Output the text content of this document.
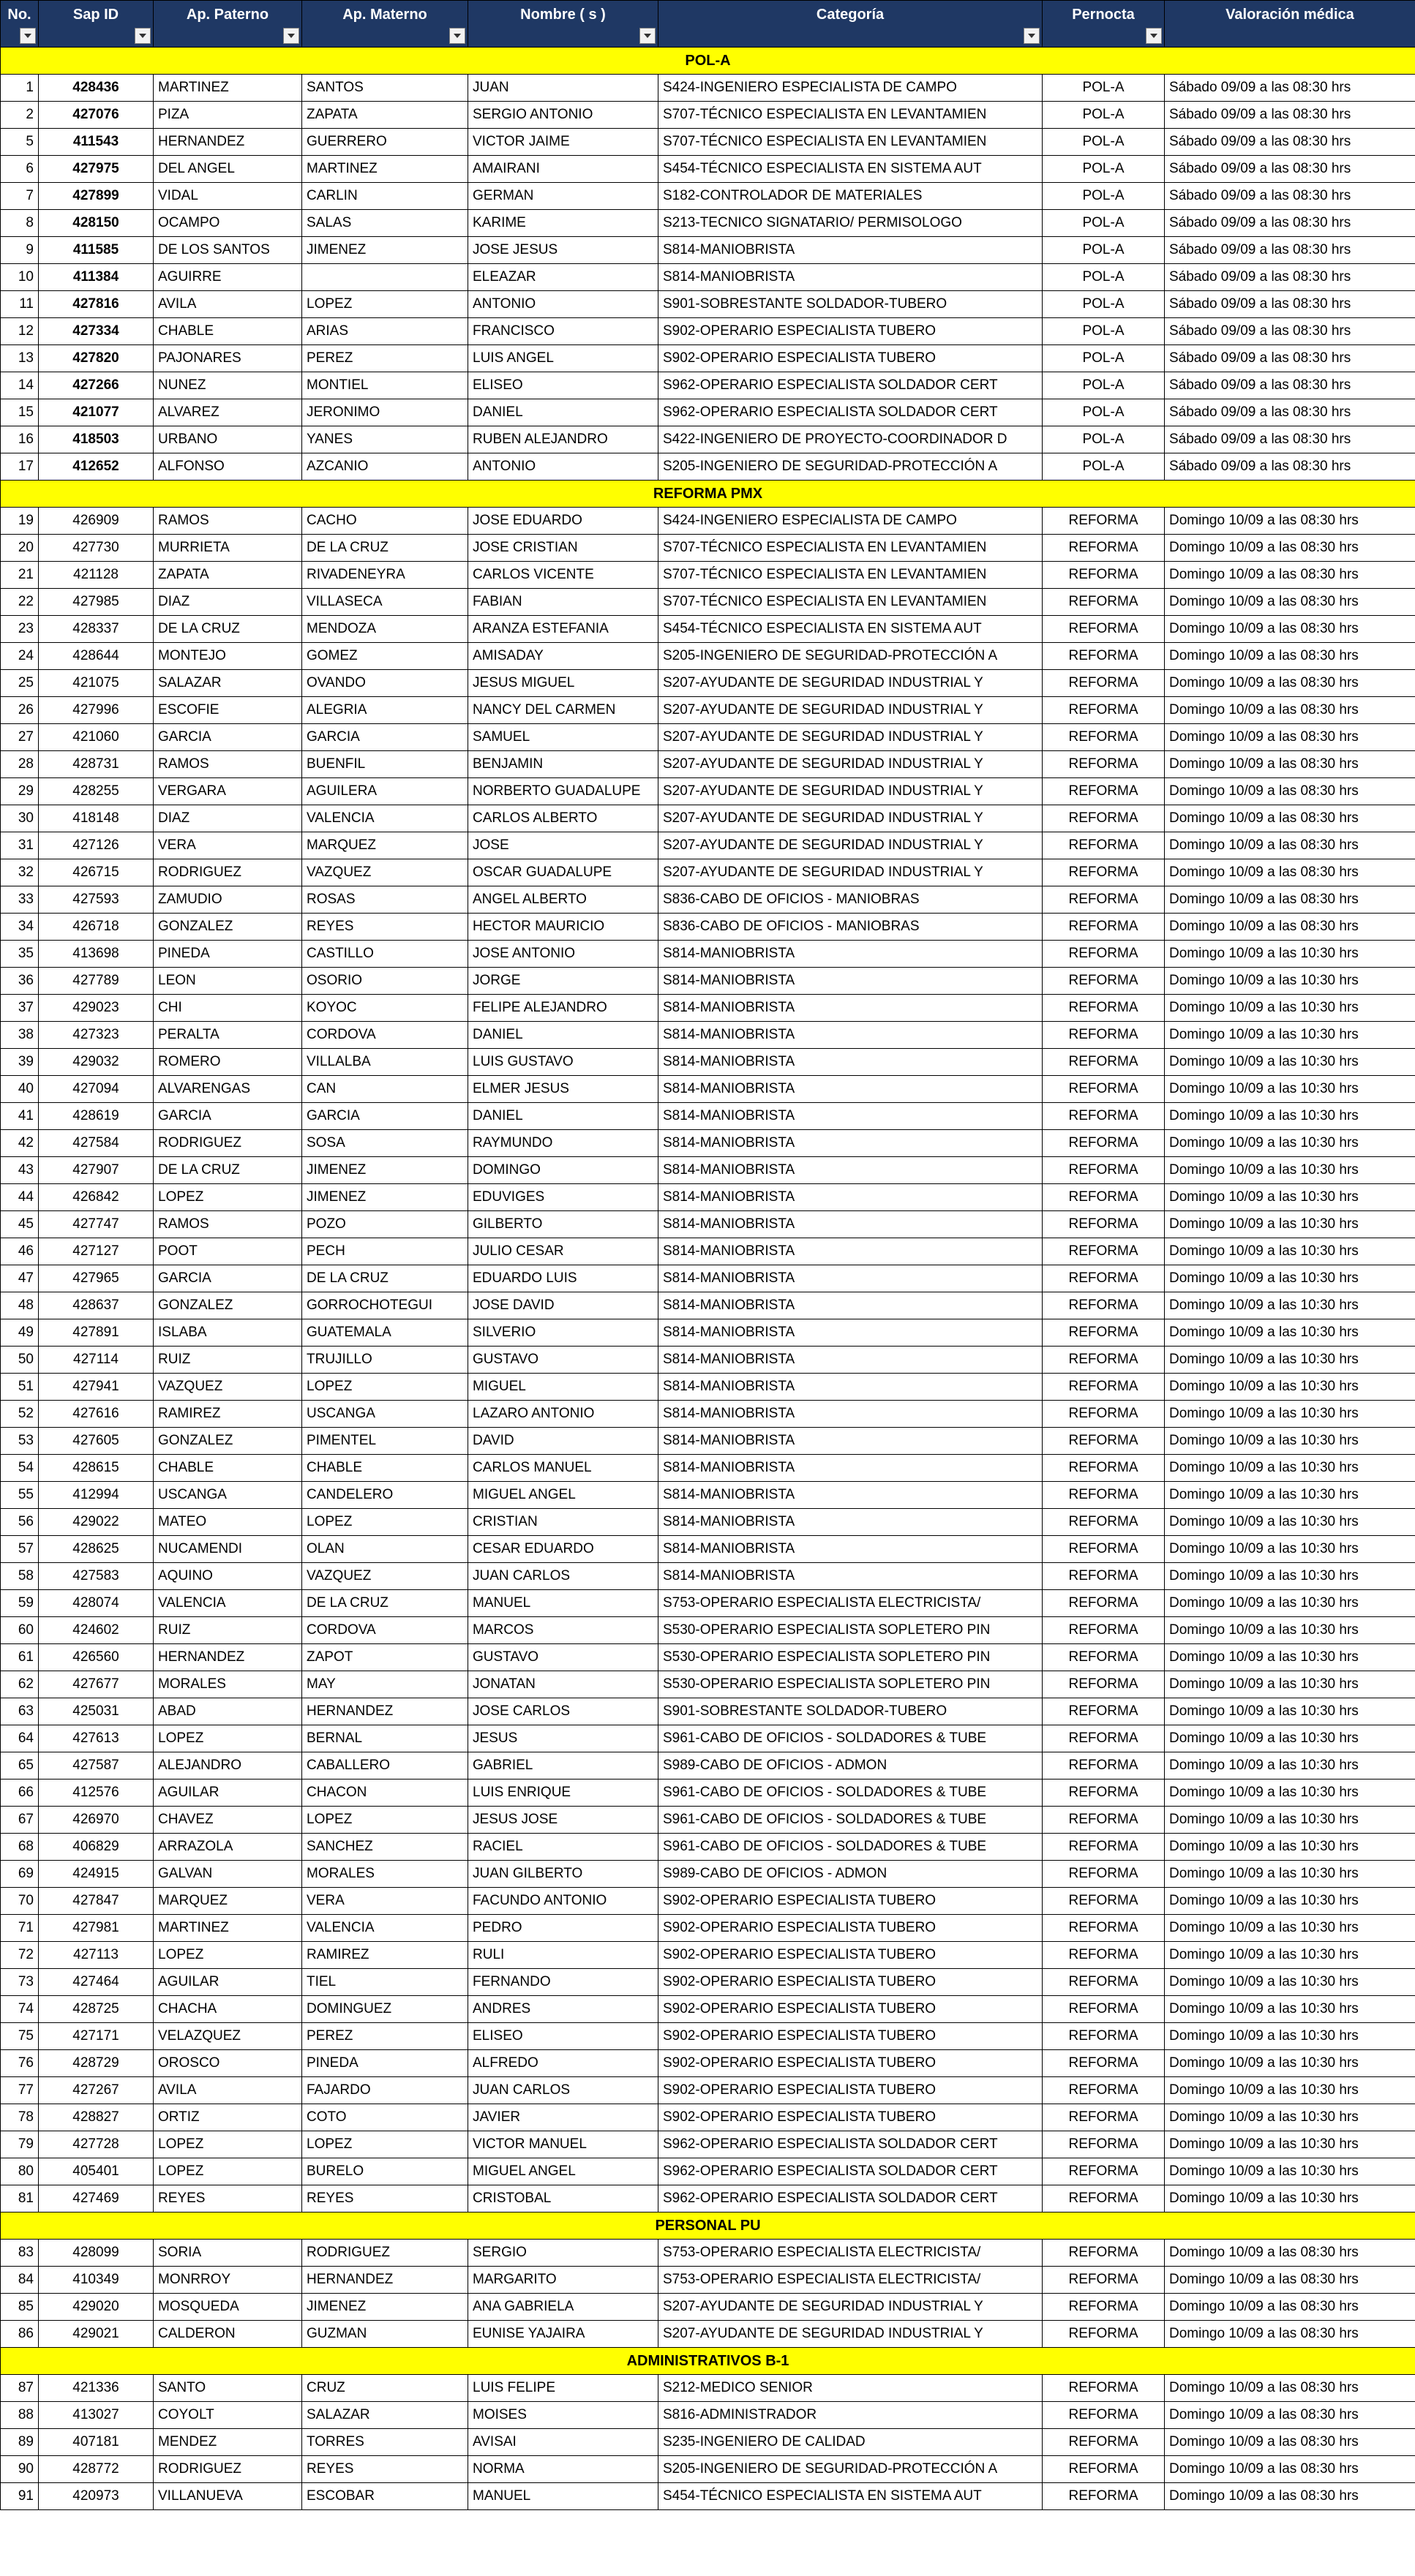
No.	Sap ID	Ap. Paterno	Ap. Materno	Nombre ( s )	Categoría	Pernocta	Valoración médica
POL-A							
1	428436	MARTINEZ	SANTOS	JUAN	S424-INGENIERO ESPECIALISTA DE CAMPO	POL-A	Sábado 09/09 a las 08:30 hrs
2	427076	PIZA	ZAPATA	SERGIO ANTONIO	S707-TÉCNICO ESPECIALISTA EN LEVANTAMIEN	POL-A	Sábado 09/09 a las 08:30 hrs
5	411543	HERNANDEZ	GUERRERO	VICTOR JAIME	S707-TÉCNICO ESPECIALISTA EN LEVANTAMIEN	POL-A	Sábado 09/09 a las 08:30 hrs
6	427975	DEL ANGEL	MARTINEZ	AMAIRANI	S454-TÉCNICO ESPECIALISTA EN SISTEMA AUT	POL-A	Sábado 09/09 a las 08:30 hrs
7	427899	VIDAL	CARLIN	GERMAN	S182-CONTROLADOR DE MATERIALES	POL-A	Sábado 09/09 a las 08:30 hrs
8	428150	OCAMPO	SALAS	KARIME	S213-TECNICO SIGNATARIO/ PERMISOLOGO	POL-A	Sábado 09/09 a las 08:30 hrs
9	411585	DE LOS SANTOS	JIMENEZ	JOSE JESUS	S814-MANIOBRISTA	POL-A	Sábado 09/09 a las 08:30 hrs
10	411384	AGUIRRE		ELEAZAR	S814-MANIOBRISTA	POL-A	Sábado 09/09 a las 08:30 hrs
11	427816	AVILA	LOPEZ	ANTONIO	S901-SOBRESTANTE SOLDADOR-TUBERO	POL-A	Sábado 09/09 a las 08:30 hrs
12	427334	CHABLE	ARIAS	FRANCISCO	S902-OPERARIO ESPECIALISTA TUBERO	POL-A	Sábado 09/09 a las 08:30 hrs
13	427820	PAJONARES	PEREZ	LUIS ANGEL	S902-OPERARIO ESPECIALISTA TUBERO	POL-A	Sábado 09/09 a las 08:30 hrs
14	427266	NUNEZ	MONTIEL	ELISEO	S962-OPERARIO ESPECIALISTA SOLDADOR CERT	POL-A	Sábado 09/09 a las 08:30 hrs
15	421077	ALVAREZ	JERONIMO	DANIEL	S962-OPERARIO ESPECIALISTA SOLDADOR CERT	POL-A	Sábado 09/09 a las 08:30 hrs
16	418503	URBANO	YANES	RUBEN ALEJANDRO	S422-INGENIERO DE PROYECTO-COORDINADOR D	POL-A	Sábado 09/09 a las 08:30 hrs
17	412652	ALFONSO	AZCANIO	ANTONIO	S205-INGENIERO DE SEGURIDAD-PROTECCIÓN A	POL-A	Sábado 09/09 a las 08:30 hrs
REFORMA PMX							
19	426909	RAMOS	CACHO	JOSE EDUARDO	S424-INGENIERO ESPECIALISTA DE CAMPO	REFORMA	Domingo 10/09 a las 08:30 hrs
20	427730	MURRIETA	DE LA CRUZ	JOSE CRISTIAN	S707-TÉCNICO ESPECIALISTA EN LEVANTAMIEN	REFORMA	Domingo 10/09 a las 08:30 hrs
21	421128	ZAPATA	RIVADENEYRA	CARLOS VICENTE	S707-TÉCNICO ESPECIALISTA EN LEVANTAMIEN	REFORMA	Domingo 10/09 a las 08:30 hrs
22	427985	DIAZ	VILLASECA	FABIAN	S707-TÉCNICO ESPECIALISTA EN LEVANTAMIEN	REFORMA	Domingo 10/09 a las 08:30 hrs
23	428337	DE LA CRUZ	MENDOZA	ARANZA ESTEFANIA	S454-TÉCNICO ESPECIALISTA EN SISTEMA AUT	REFORMA	Domingo 10/09 a las 08:30 hrs
24	428644	MONTEJO	GOMEZ	AMISADAY	S205-INGENIERO DE SEGURIDAD-PROTECCIÓN A	REFORMA	Domingo 10/09 a las 08:30 hrs
25	421075	SALAZAR	OVANDO	JESUS MIGUEL	S207-AYUDANTE DE SEGURIDAD INDUSTRIAL Y	REFORMA	Domingo 10/09 a las 08:30 hrs
26	427996	ESCOFIE	ALEGRIA	NANCY DEL CARMEN	S207-AYUDANTE DE SEGURIDAD INDUSTRIAL Y	REFORMA	Domingo 10/09 a las 08:30 hrs
27	421060	GARCIA	GARCIA	SAMUEL	S207-AYUDANTE DE SEGURIDAD INDUSTRIAL Y	REFORMA	Domingo 10/09 a las 08:30 hrs
28	428731	RAMOS	BUENFIL	BENJAMIN	S207-AYUDANTE DE SEGURIDAD INDUSTRIAL Y	REFORMA	Domingo 10/09 a las 08:30 hrs
29	428255	VERGARA	AGUILERA	NORBERTO GUADALUPE	S207-AYUDANTE DE SEGURIDAD INDUSTRIAL Y	REFORMA	Domingo 10/09 a las 08:30 hrs
30	418148	DIAZ	VALENCIA	CARLOS ALBERTO	S207-AYUDANTE DE SEGURIDAD INDUSTRIAL Y	REFORMA	Domingo 10/09 a las 08:30 hrs
31	427126	VERA	MARQUEZ	JOSE	S207-AYUDANTE DE SEGURIDAD INDUSTRIAL Y	REFORMA	Domingo 10/09 a las 08:30 hrs
32	426715	RODRIGUEZ	VAZQUEZ	OSCAR GUADALUPE	S207-AYUDANTE DE SEGURIDAD INDUSTRIAL Y	REFORMA	Domingo 10/09 a las 08:30 hrs
33	427593	ZAMUDIO	ROSAS	ANGEL ALBERTO	S836-CABO DE OFICIOS - MANIOBRAS	REFORMA	Domingo 10/09 a las 08:30 hrs
34	426718	GONZALEZ	REYES	HECTOR MAURICIO	S836-CABO DE OFICIOS - MANIOBRAS	REFORMA	Domingo 10/09 a las 08:30 hrs
35	413698	PINEDA	CASTILLO	JOSE ANTONIO	S814-MANIOBRISTA	REFORMA	Domingo 10/09 a las 10:30 hrs
36	427789	LEON	OSORIO	JORGE	S814-MANIOBRISTA	REFORMA	Domingo 10/09 a las 10:30 hrs
37	429023	CHI	KOYOC	FELIPE ALEJANDRO	S814-MANIOBRISTA	REFORMA	Domingo 10/09 a las 10:30 hrs
38	427323	PERALTA	CORDOVA	DANIEL	S814-MANIOBRISTA	REFORMA	Domingo 10/09 a las 10:30 hrs
39	429032	ROMERO	VILLALBA	LUIS GUSTAVO	S814-MANIOBRISTA	REFORMA	Domingo 10/09 a las 10:30 hrs
40	427094	ALVARENGAS	CAN	ELMER JESUS	S814-MANIOBRISTA	REFORMA	Domingo 10/09 a las 10:30 hrs
41	428619	GARCIA	GARCIA	DANIEL	S814-MANIOBRISTA	REFORMA	Domingo 10/09 a las 10:30 hrs
42	427584	RODRIGUEZ	SOSA	RAYMUNDO	S814-MANIOBRISTA	REFORMA	Domingo 10/09 a las 10:30 hrs
43	427907	DE LA CRUZ	JIMENEZ	DOMINGO	S814-MANIOBRISTA	REFORMA	Domingo 10/09 a las 10:30 hrs
44	426842	LOPEZ	JIMENEZ	EDUVIGES	S814-MANIOBRISTA	REFORMA	Domingo 10/09 a las 10:30 hrs
45	427747	RAMOS	POZO	GILBERTO	S814-MANIOBRISTA	REFORMA	Domingo 10/09 a las 10:30 hrs
46	427127	POOT	PECH	JULIO CESAR	S814-MANIOBRISTA	REFORMA	Domingo 10/09 a las 10:30 hrs
47	427965	GARCIA	DE LA CRUZ	EDUARDO LUIS	S814-MANIOBRISTA	REFORMA	Domingo 10/09 a las 10:30 hrs
48	428637	GONZALEZ	GORROCHOTEGUI	JOSE DAVID	S814-MANIOBRISTA	REFORMA	Domingo 10/09 a las 10:30 hrs
49	427891	ISLABA	GUATEMALA	SILVERIO	S814-MANIOBRISTA	REFORMA	Domingo 10/09 a las 10:30 hrs
50	427114	RUIZ	TRUJILLO	GUSTAVO	S814-MANIOBRISTA	REFORMA	Domingo 10/09 a las 10:30 hrs
51	427941	VAZQUEZ	LOPEZ	MIGUEL	S814-MANIOBRISTA	REFORMA	Domingo 10/09 a las 10:30 hrs
52	427616	RAMIREZ	USCANGA	LAZARO ANTONIO	S814-MANIOBRISTA	REFORMA	Domingo 10/09 a las 10:30 hrs
53	427605	GONZALEZ	PIMENTEL	DAVID	S814-MANIOBRISTA	REFORMA	Domingo 10/09 a las 10:30 hrs
54	428615	CHABLE	CHABLE	CARLOS MANUEL	S814-MANIOBRISTA	REFORMA	Domingo 10/09 a las 10:30 hrs
55	412994	USCANGA	CANDELERO	MIGUEL ANGEL	S814-MANIOBRISTA	REFORMA	Domingo 10/09 a las 10:30 hrs
56	429022	MATEO	LOPEZ	CRISTIAN	S814-MANIOBRISTA	REFORMA	Domingo 10/09 a las 10:30 hrs
57	428625	NUCAMENDI	OLAN	CESAR EDUARDO	S814-MANIOBRISTA	REFORMA	Domingo 10/09 a las 10:30 hrs
58	427583	AQUINO	VAZQUEZ	JUAN CARLOS	S814-MANIOBRISTA	REFORMA	Domingo 10/09 a las 10:30 hrs
59	428074	VALENCIA	DE LA CRUZ	MANUEL	S753-OPERARIO ESPECIALISTA ELECTRICISTA/	REFORMA	Domingo 10/09 a las 10:30 hrs
60	424602	RUIZ	CORDOVA	MARCOS	S530-OPERARIO ESPECIALISTA SOPLETERO PIN	REFORMA	Domingo 10/09 a las 10:30 hrs
61	426560	HERNANDEZ	ZAPOT	GUSTAVO	S530-OPERARIO ESPECIALISTA SOPLETERO PIN	REFORMA	Domingo 10/09 a las 10:30 hrs
62	427677	MORALES	MAY	JONATAN	S530-OPERARIO ESPECIALISTA SOPLETERO PIN	REFORMA	Domingo 10/09 a las 10:30 hrs
63	425031	ABAD	HERNANDEZ	JOSE CARLOS	S901-SOBRESTANTE SOLDADOR-TUBERO	REFORMA	Domingo 10/09 a las 10:30 hrs
64	427613	LOPEZ	BERNAL	JESUS	S961-CABO DE OFICIOS - SOLDADORES & TUBE	REFORMA	Domingo 10/09 a las 10:30 hrs
65	427587	ALEJANDRO	CABALLERO	GABRIEL	S989-CABO DE OFICIOS - ADMON	REFORMA	Domingo 10/09 a las 10:30 hrs
66	412576	AGUILAR	CHACON	LUIS ENRIQUE	S961-CABO DE OFICIOS - SOLDADORES & TUBE	REFORMA	Domingo 10/09 a las 10:30 hrs
67	426970	CHAVEZ	LOPEZ	JESUS JOSE	S961-CABO DE OFICIOS - SOLDADORES & TUBE	REFORMA	Domingo 10/09 a las 10:30 hrs
68	406829	ARRAZOLA	SANCHEZ	RACIEL	S961-CABO DE OFICIOS - SOLDADORES & TUBE	REFORMA	Domingo 10/09 a las 10:30 hrs
69	424915	GALVAN	MORALES	JUAN GILBERTO	S989-CABO DE OFICIOS - ADMON	REFORMA	Domingo 10/09 a las 10:30 hrs
70	427847	MARQUEZ	VERA	FACUNDO ANTONIO	S902-OPERARIO ESPECIALISTA TUBERO	REFORMA	Domingo 10/09 a las 10:30 hrs
71	427981	MARTINEZ	VALENCIA	PEDRO	S902-OPERARIO ESPECIALISTA TUBERO	REFORMA	Domingo 10/09 a las 10:30 hrs
72	427113	LOPEZ	RAMIREZ	RULI	S902-OPERARIO ESPECIALISTA TUBERO	REFORMA	Domingo 10/09 a las 10:30 hrs
73	427464	AGUILAR	TIEL	FERNANDO	S902-OPERARIO ESPECIALISTA TUBERO	REFORMA	Domingo 10/09 a las 10:30 hrs
74	428725	CHACHA	DOMINGUEZ	ANDRES	S902-OPERARIO ESPECIALISTA TUBERO	REFORMA	Domingo 10/09 a las 10:30 hrs
75	427171	VELAZQUEZ	PEREZ	ELISEO	S902-OPERARIO ESPECIALISTA TUBERO	REFORMA	Domingo 10/09 a las 10:30 hrs
76	428729	OROSCO	PINEDA	ALFREDO	S902-OPERARIO ESPECIALISTA TUBERO	REFORMA	Domingo 10/09 a las 10:30 hrs
77	427267	AVILA	FAJARDO	JUAN CARLOS	S902-OPERARIO ESPECIALISTA TUBERO	REFORMA	Domingo 10/09 a las 10:30 hrs
78	428827	ORTIZ	COTO	JAVIER	S902-OPERARIO ESPECIALISTA TUBERO	REFORMA	Domingo 10/09 a las 10:30 hrs
79	427728	LOPEZ	LOPEZ	VICTOR MANUEL	S962-OPERARIO ESPECIALISTA SOLDADOR CERT	REFORMA	Domingo 10/09 a las 10:30 hrs
80	405401	LOPEZ	BURELO	MIGUEL ANGEL	S962-OPERARIO ESPECIALISTA SOLDADOR CERT	REFORMA	Domingo 10/09 a las 10:30 hrs
81	427469	REYES	REYES	CRISTOBAL	S962-OPERARIO ESPECIALISTA SOLDADOR CERT	REFORMA	Domingo 10/09 a las 10:30 hrs
PERSONAL PU							
83	428099	SORIA	RODRIGUEZ	SERGIO	S753-OPERARIO ESPECIALISTA ELECTRICISTA/	REFORMA	Domingo 10/09 a las 08:30 hrs
84	410349	MONRROY	HERNANDEZ	MARGARITO	S753-OPERARIO ESPECIALISTA ELECTRICISTA/	REFORMA	Domingo 10/09 a las 08:30 hrs
85	429020	MOSQUEDA	JIMENEZ	ANA GABRIELA	S207-AYUDANTE DE SEGURIDAD INDUSTRIAL Y	REFORMA	Domingo 10/09 a las 08:30 hrs
86	429021	CALDERON	GUZMAN	EUNISE YAJAIRA	S207-AYUDANTE DE SEGURIDAD INDUSTRIAL Y	REFORMA	Domingo 10/09 a las 08:30 hrs
ADMINISTRATIVOS B-1							
87	421336	SANTO	CRUZ	LUIS FELIPE	S212-MEDICO SENIOR	REFORMA	Domingo 10/09 a las 08:30 hrs
88	413027	COYOLT	SALAZAR	MOISES	S816-ADMINISTRADOR	REFORMA	Domingo 10/09 a las 08:30 hrs
89	407181	MENDEZ	TORRES	AVISAI	S235-INGENIERO DE CALIDAD	REFORMA	Domingo 10/09 a las 08:30 hrs
90	428772	RODRIGUEZ	REYES	NORMA	S205-INGENIERO DE SEGURIDAD-PROTECCIÓN A	REFORMA	Domingo 10/09 a las 08:30 hrs
91	420973	VILLANUEVA	ESCOBAR	MANUEL	S454-TÉCNICO ESPECIALISTA EN SISTEMA AUT	REFORMA	Domingo 10/09 a las 08:30 hrs
